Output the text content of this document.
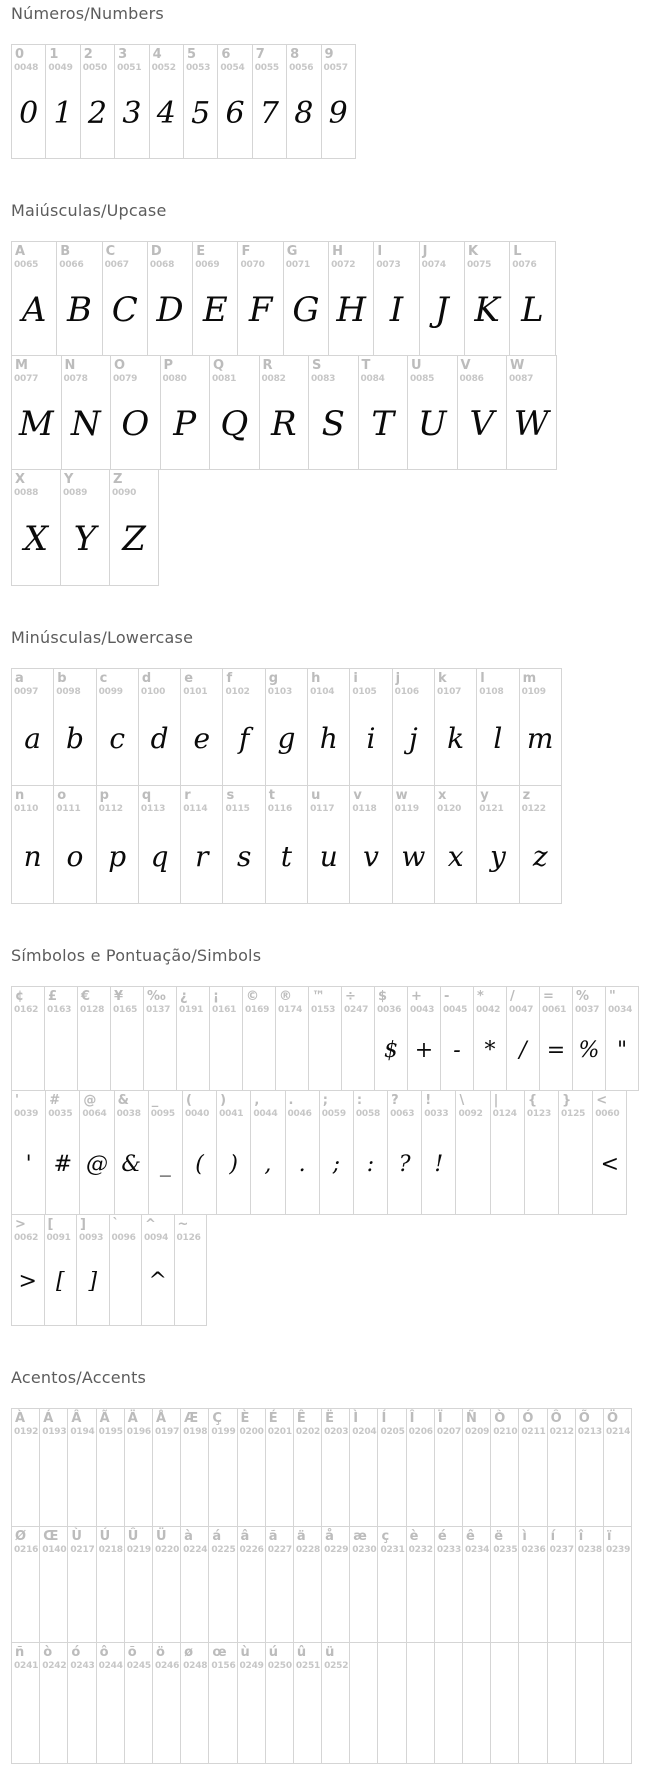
Números/Numbers
0
0048
0
1
0049
1
2
0050
2
3
0051
3
4
0052
4
5
0053
5
6
0054
6
7
0055
7
8
0056
8
9
0057
9
Maiúsculas/Upcase
A
0065
A
B
0066
B
C
0067
C
D
0068
D
E
0069
E
F
0070
F
G
0071
G
H
0072
H
I
0073
I
J
0074
J
K
0075
K
L
0076
L
M
0077
M
N
0078
N
O
0079
O
P
0080
P
Q
0081
Q
R
0082
R
S
0083
S
T
0084
T
U
0085
U
V
0086
V
W
0087
W
X
0088
X
Y
0089
Y
Z
0090
Z
Minúsculas/Lowercase
a
0097
a
b
0098
b
c
0099
c
d
0100
d
e
0101
e
f
0102
f
g
0103
g
h
0104
h
i
0105
i
j
0106
j
k
0107
k
l
0108
l
m
0109
m
n
0110
n
o
0111
o
p
0112
p
q
0113
q
r
0114
r
s
0115
s
t
0116
t
u
0117
u
v
0118
v
w
0119
w
x
0120
x
y
0121
y
z
0122
z
Símbolos e Pontuação/Simbols
¢
0162
£
0163
€
0128
¥
0165
‰
0137
¿
0191
¡
0161
©
0169
®
0174
™
0153
÷
0247
$
0036
$
+
0043
+
-
0045
-
*
0042
*
/
0047
/
=
0061
=
%
0037
%
"
0034
"
'
0039
'
#
0035
#
@
0064
@
&
0038
&
_
0095
_
(
0040
(
)
0041
)
,
0044
,
.
0046
.
;
0059
;
:
0058
:
?
0063
?
!
0033
!
\
0092
|
0124
{
0123
}
0125
<
0060
<
>
0062
>
[
0091
[
]
0093
]
`
0096
^
0094
^
~
0126
Acentos/Accents
À
0192
Á
0193
Â
0194
Ã
0195
Ä
0196
Å
0197
Æ
0198
Ç
0199
È
0200
É
0201
Ê
0202
Ë
0203
Ì
0204
Í
0205
Î
0206
Ï
0207
Ñ
0209
Ò
0210
Ó
0211
Ô
0212
Õ
0213
Ö
0214
Ø
0216
Œ
0140
Ù
0217
Ú
0218
Û
0219
Ü
0220
à
0224
á
0225
â
0226
ã
0227
ä
0228
å
0229
æ
0230
ç
0231
è
0232
é
0233
ê
0234
ë
0235
ì
0236
í
0237
î
0238
ï
0239
ñ
0241
ò
0242
ó
0243
ô
0244
õ
0245
ö
0246
ø
0248
œ
0156
ù
0249
ú
0250
û
0251
ü
0252
